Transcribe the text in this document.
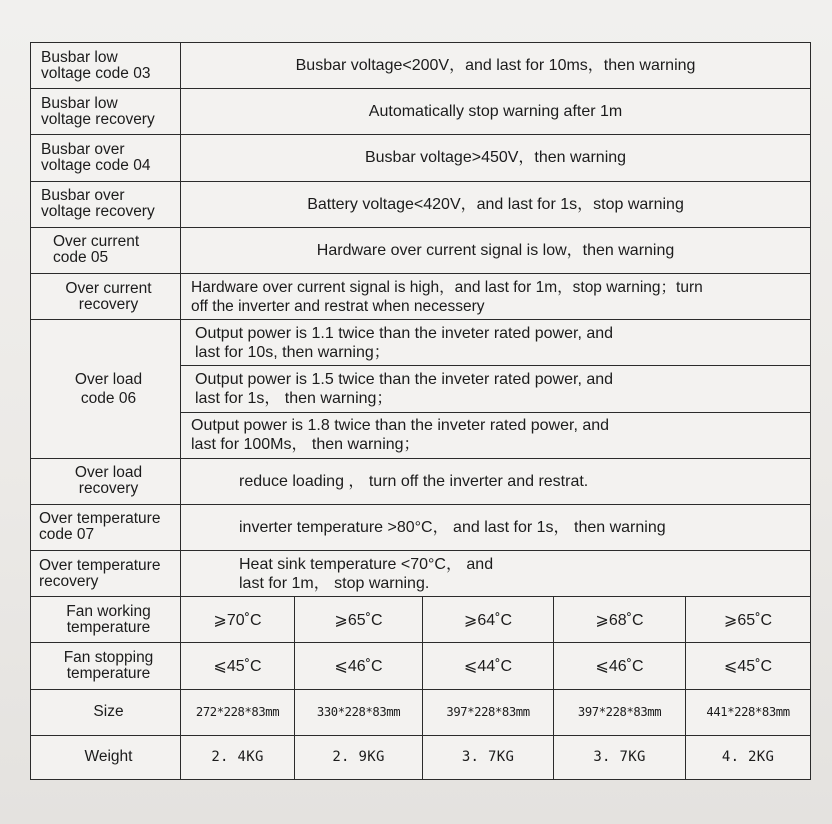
Busbar low
voltage code 03	Busbar voltage<200V，and last for 10ms，then warning				

Busbar low
voltage recovery	Automatically stop warning after 1m				

Busbar over
voltage code 04	Busbar voltage>450V，then warning				

Busbar over
voltage recovery	Battery voltage<420V，and last for 1s，stop warning				

Over current
code 05	Hardware over current signal is low，then warning				

Over current
recovery	Hardware over current signal is high，and last for 1m，stop warning；turn
off the inverter and restrat when necessery				

Over load
code 06	Output power is 1.1 twice than the inveter rated power, and
last for 10s, then warning；				

	Output power is 1.5 twice than the inveter rated power, and
last for 1s， then warning；				

	Output power is 1.8 twice than the inveter rated power, and
last for 100Ms， then warning；				

Over load
recovery	reduce loading ， turn off the inverter and restrat.				

Over temperature
code 07	inverter temperature >80°C， and last for 1s， then warning				

Over temperature
recovery	Heat sink temperature <70°C， and
last for 1m， stop warning.				

Fan working
temperature	⩾70˚C	⩾65˚C	⩾64˚C	⩾68˚C	⩾65˚C

Fan stopping
temperature	⩽45˚C	⩽46˚C	⩽44˚C	⩽46˚C	⩽45˚C
Size	272*228*83mm	330*228*83mm	397*228*83mm	397*228*83mm	441*228*83mm
Weight	2. 4KG	2. 9KG	3. 7KG	3. 7KG	4. 2KG
